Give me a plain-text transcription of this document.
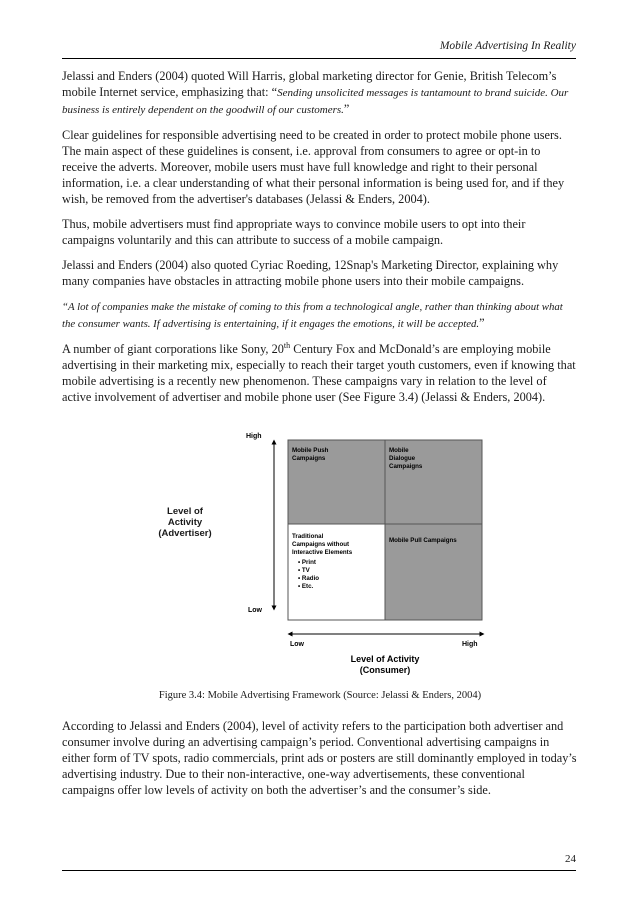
Mobile Advertising In Reality

Jelassi and Enders (2004) quoted Will Harris, global marketing director for Genie, British Telecom’s mobile Internet service, emphasizing that: “Sending unsolicited messages is tantamount to brand suicide. Our business is entirely dependent on the goodwill of our customers.”

Clear guidelines for responsible advertising need to be created in order to protect mobile phone users. The main aspect of these guidelines is consent, i.e. approval from consumers to agree or opt-in to receive the adverts. Moreover, mobile users must have full knowledge and right to their personal information, i.e. a clear understanding of what their personal information is being used for, and if they wish, be removed from the advertiser's databases (Jelassi & Enders, 2004).

Thus, mobile advertisers must find appropriate ways to convince mobile users to opt into their campaigns voluntarily and this can attribute to success of a mobile campaign.

Jelassi and Enders (2004) also quoted Cyriac Roeding, 12Snap's Marketing Director, explaining why many companies have obstacles in attracting mobile phone users into their mobile campaigns.

“A lot of companies make the mistake of coming to this from a technological angle, rather than thinking about what the consumer wants. If advertising is entertaining, if it engages the emotions, it will be accepted.”

A number of giant corporations like Sony, 20th Century Fox and McDonald’s are employing mobile advertising in their marketing mix, especially to reach their target youth customers, even if knowing that mobile advertising is a recently new phenomenon. These campaigns vary in relation to the level of active involvement of advertiser and mobile phone user (See Figure 3.4) (Jelassi & Enders, 2004).

High
Low
Low	High
Level of Activity
(Consumer)
Mobile Push
Campaigns
Mobile
Dialogue
Campaigns
Traditional
Campaigns without
Interactive Elements
• Print
• TV
• Radio
• Etc.
Mobile Pull Campaigns
Level of
Activity
(Advertiser)
Figure 3.4: Mobile Advertising Framework (Source: Jelassi & Enders, 2004)

According to Jelassi and Enders (2004), level of activity refers to the participation both advertiser and consumer involve during an advertising campaign’s period. Conventional advertising campaigns in either form of TV spots, radio commercials, print ads or posters are still dominantly employed in today’s advertising industry. Due to their non-interactive, one-way advertisements, these conventional campaigns offer low levels of activity on both the advertiser’s and the consumer’s side.

24
